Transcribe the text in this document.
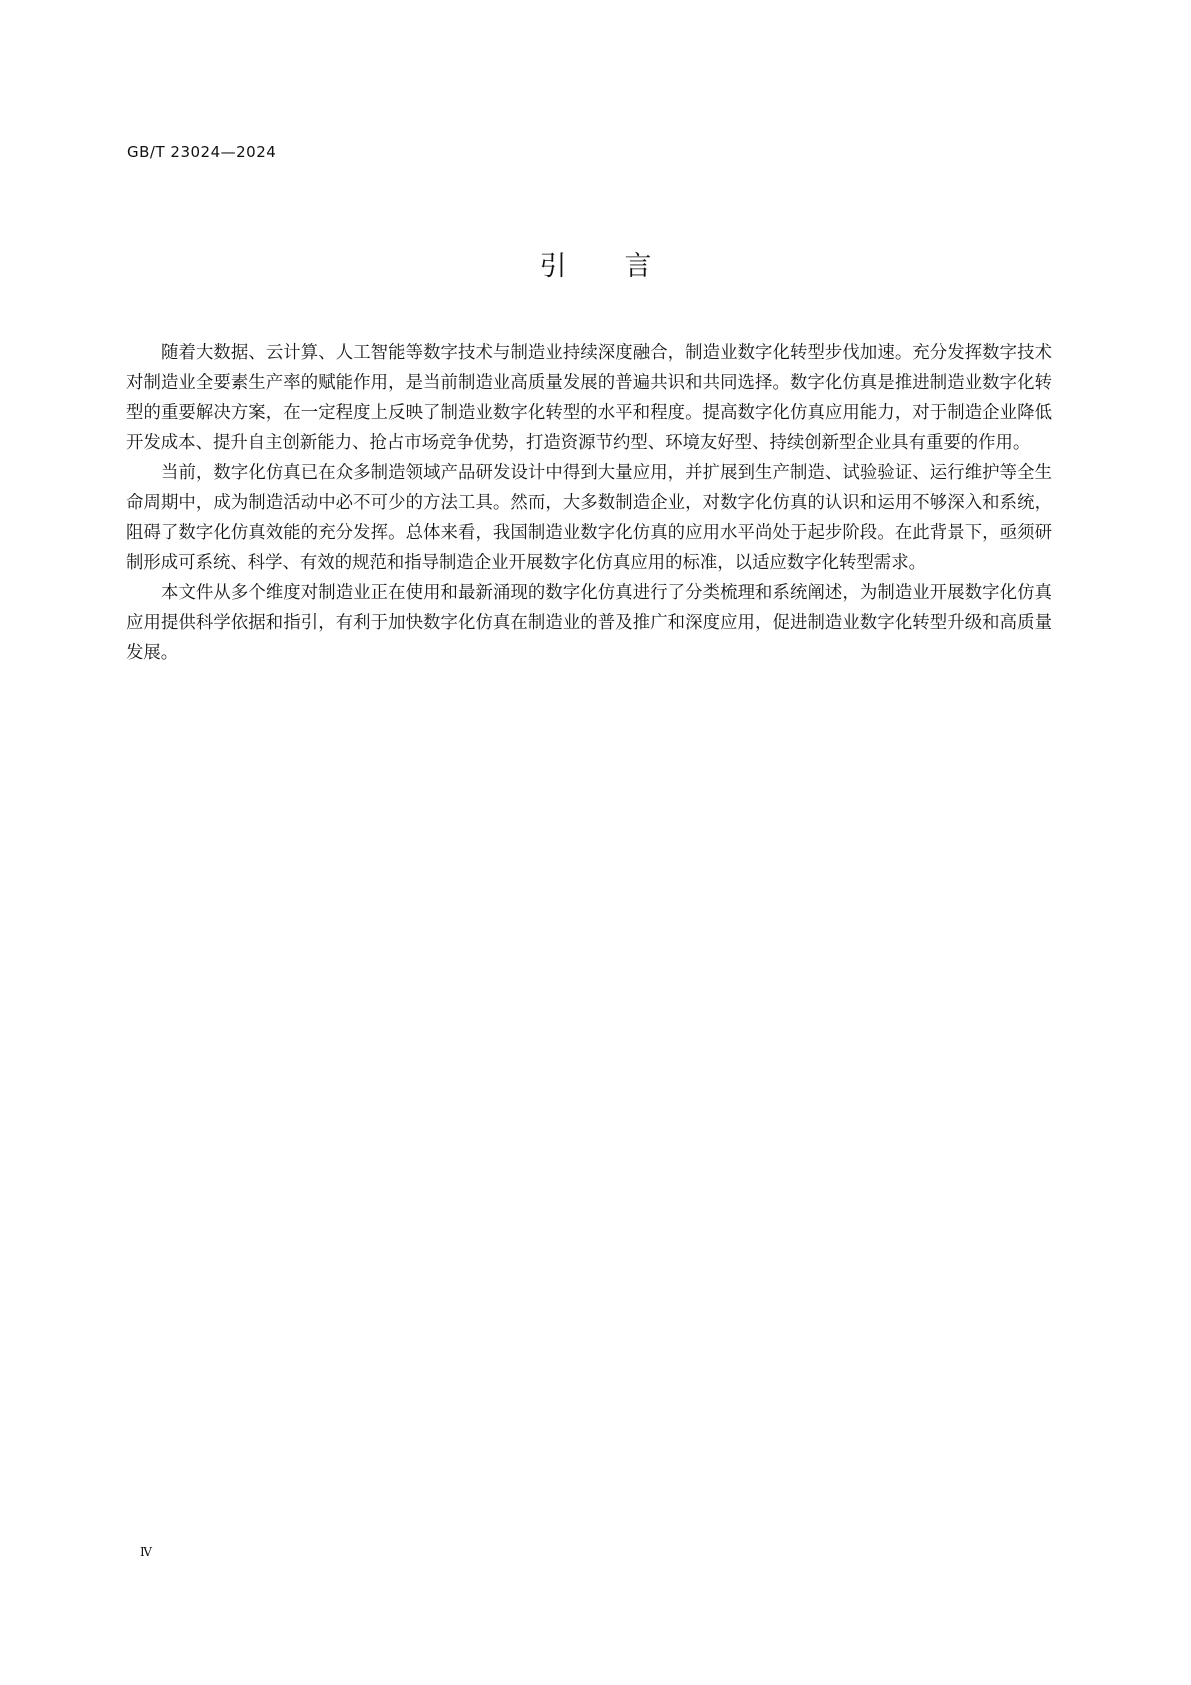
GB/T 23024—2024
引言

随着大数据、云计算、人工智能等数字技术与制造业持续深度融合，制造业数字化转型步伐加速。充分发挥数字技术对制造业全要素生产率的赋能作用，是当前制造业高质量发展的普遍共识和共同选择。数字化仿真是推进制造业数字化转型的重要解决方案，在一定程度上反映了制造业数字化转型的水平和程度。提高数字化仿真应用能力，对于制造企业降低开发成本、提升自主创新能力、抢占市场竞争优势，打造资源节约型、环境友好型、持续创新型企业具有重要的作用。

当前，数字化仿真已在众多制造领域产品研发设计中得到大量应用，并扩展到生产制造、试验验证、运行维护等全生命周期中，成为制造活动中必不可少的方法工具。然而，大多数制造企业，对数字化仿真的认识和运用不够深入和系统，阻碍了数字化仿真效能的充分发挥。总体来看，我国制造业数字化仿真的应用水平尚处于起步阶段。在此背景下，亟须研制形成可系统、科学、有效的规范和指导制造企业开展数字化仿真应用的标准，以适应数字化转型需求。

本文件从多个维度对制造业正在使用和最新涌现的数字化仿真进行了分类梳理和系统阐述，为制造业开展数字化仿真应用提供科学依据和指引，有利于加快数字化仿真在制造业的普及推广和深度应用，促进制造业数字化转型升级和高质量发展。

Ⅳ
